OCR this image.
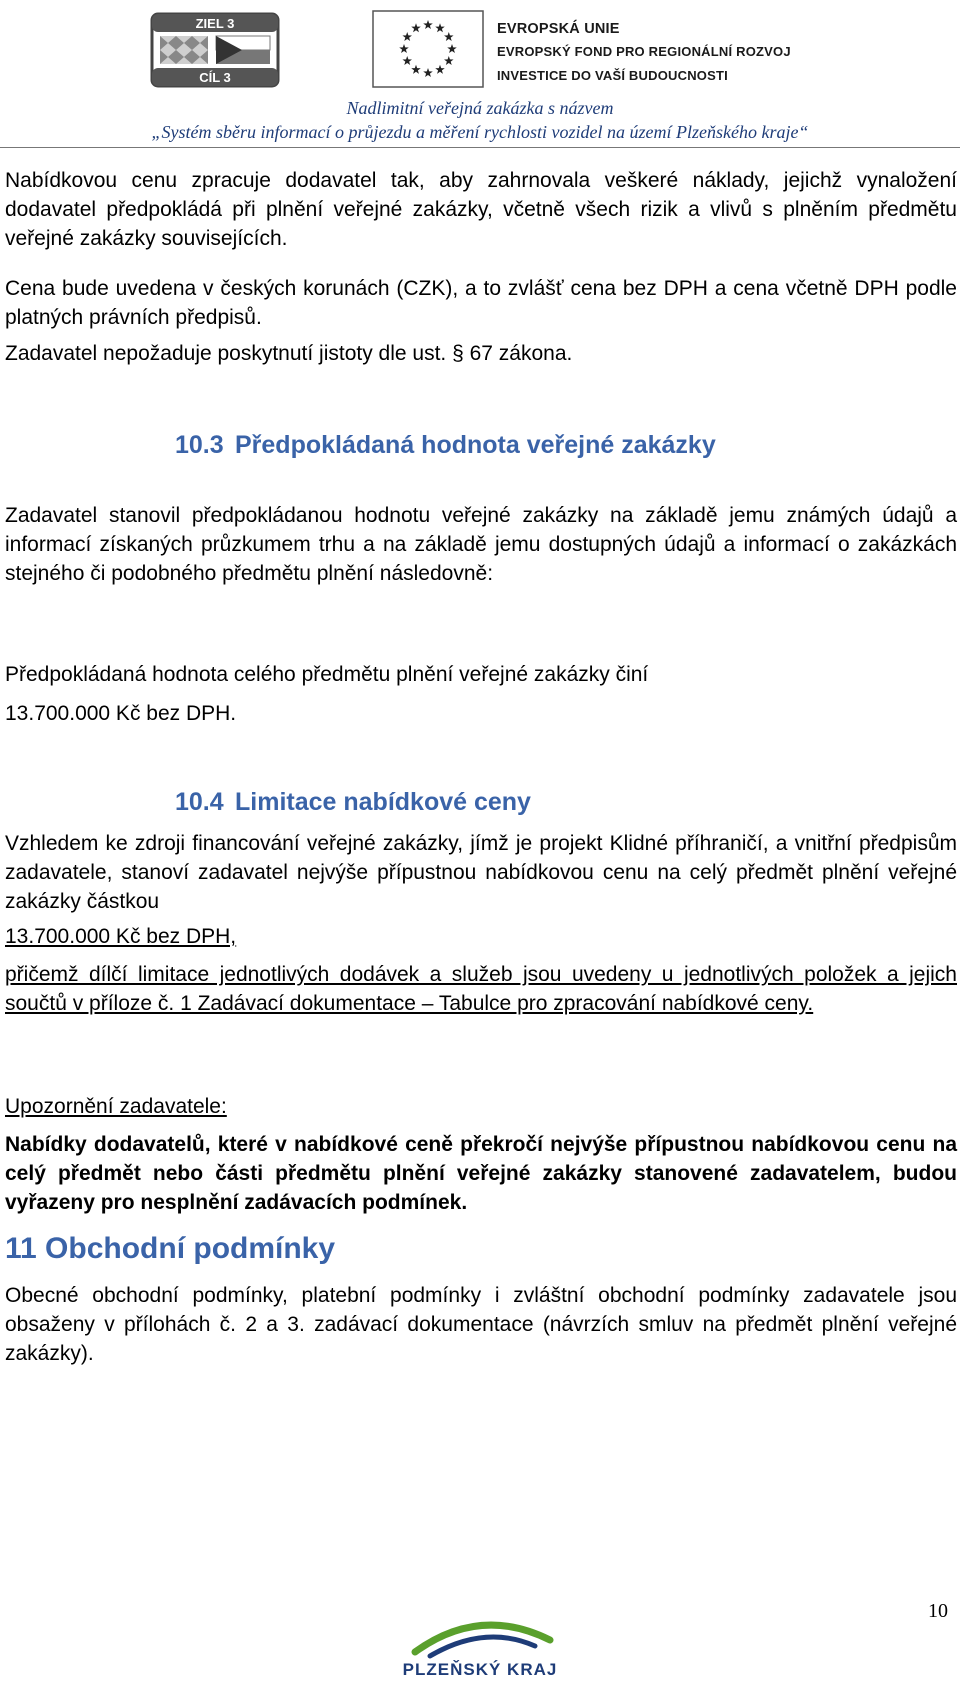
ZIEL 3
CÍL 3
EVROPSKÁ UNIE
EVROPSKÝ FOND PRO REGIONÁLNÍ ROZVOJ
INVESTICE DO VAŠÍ BUDOUCNOSTI
Nadlimitní veřejná zakázka s názvem
„Systém sběru informací o průjezdu a měření rychlosti vozidel na území Plzeňského kraje“
Nabídkovou cenu zpracuje dodavatel tak, aby zahrnovala veškeré náklady, jejichž vynaložení dodavatel předpokládá při plnění veřejné zakázky, včetně všech rizik a vlivů s plněním předmětu veřejné zakázky souvisejících.
Cena bude uvedena v českých korunách (CZK), a to zvlášť cena bez DPH a cena včetně DPH podle platných právních předpisů.
Zadavatel nepožaduje poskytnutí jistoty dle ust. § 67 zákona.
10.3 Předpokládaná hodnota veřejné zakázky
Zadavatel stanovil předpokládanou hodnotu veřejné zakázky na základě jemu známých údajů a informací získaných průzkumem trhu a na základě jemu dostupných údajů a informací o zakázkách stejného či podobného předmětu plnění následovně:
Předpokládaná hodnota celého předmětu plnění veřejné zakázky činí
13.700.000 Kč bez DPH.
10.4 Limitace nabídkové ceny
Vzhledem ke zdroji financování veřejné zakázky, jímž je projekt Klidné příhraničí, a vnitřní předpisům zadavatele, stanoví zadavatel nejvýše přípustnou nabídkovou cenu na celý předmět plnění veřejné zakázky částkou
13.700.000 Kč bez DPH,
přičemž dílčí limitace jednotlivých dodávek a služeb jsou uvedeny u jednotlivých položek a jejich součtů v příloze č. 1 Zadávací dokumentace – Tabulce pro zpracování nabídkové ceny.
Upozornění zadavatele:
Nabídky dodavatelů, které v nabídkové ceně překročí nejvýše přípustnou nabídkovou cenu na celý předmět nebo části předmětu plnění veřejné zakázky stanovené zadavatelem, budou vyřazeny pro nesplnění zadávacích podmínek.
11 Obchodní podmínky
Obecné obchodní podmínky, platební podmínky i zvláštní obchodní podmínky zadavatele jsou obsaženy v přílohách č. 2 a 3. zadávací dokumentace (návrzích smluv na předmět plnění veřejné zakázky).
10
PLZEŇSKÝ KRAJ
